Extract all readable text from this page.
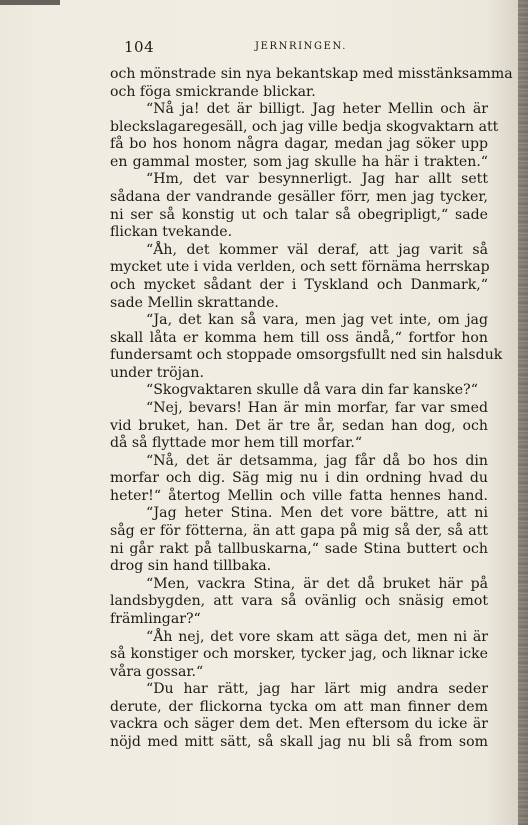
104	JERNRINGEN.
och mönstrade sin nya bekantskap med misstänksamma
och föga smickrande blickar.
“Nå ja! det är billigt. Jag heter Mellin och är
bleckslagaregesäll, och jag ville bedja skogvaktarn att
få bo hos honom några dagar, medan jag söker upp
en gammal moster, som jag skulle ha här i trakten.“
“Hm, det var besynnerligt. Jag har allt sett
sådana der vandrande gesäller förr, men jag tycker,
ni ser så konstig ut och talar så obegripligt,“ sade
flickan tvekande.
“Åh, det kommer väl deraf, att jag varit så
mycket ute i vida verlden, och sett förnäma herrskap
och mycket sådant der i Tyskland och Danmark,“
sade Mellin skrattande.
“Ja, det kan så vara, men jag vet inte, om jag
skall låta er komma hem till oss ändå,“ fortfor hon
fundersamt och stoppade omsorgsfullt ned sin halsduk
under tröjan.
“Skogvaktaren skulle då vara din far kanske?“
“Nej, bevars! Han är min morfar, far var smed
vid bruket, han. Det är tre år, sedan han dog, och
då så flyttade mor hem till morfar.“
“Nå, det är detsamma, jag får då bo hos din
morfar och dig. Säg mig nu i din ordning hvad du
heter!“ återtog Mellin och ville fatta hennes hand.
“Jag heter Stina. Men det vore bättre, att ni
såg er för fötterna, än att gapa på mig så der, så att
ni går rakt på tallbuskarna,“ sade Stina buttert och
drog sin hand tillbaka.
“Men, vackra Stina, är det då bruket här på
landsbygden, att vara så ovänlig och snäsig emot
främlingar?“
“Åh nej, det vore skam att säga det, men ni är
så konstiger och morsker, tycker jag, och liknar icke
våra gossar.“
“Du har rätt, jag har lärt mig andra seder
derute, der flickorna tycka om att man finner dem
vackra och säger dem det. Men eftersom du icke är
nöjd med mitt sätt, så skall jag nu bli så from som
